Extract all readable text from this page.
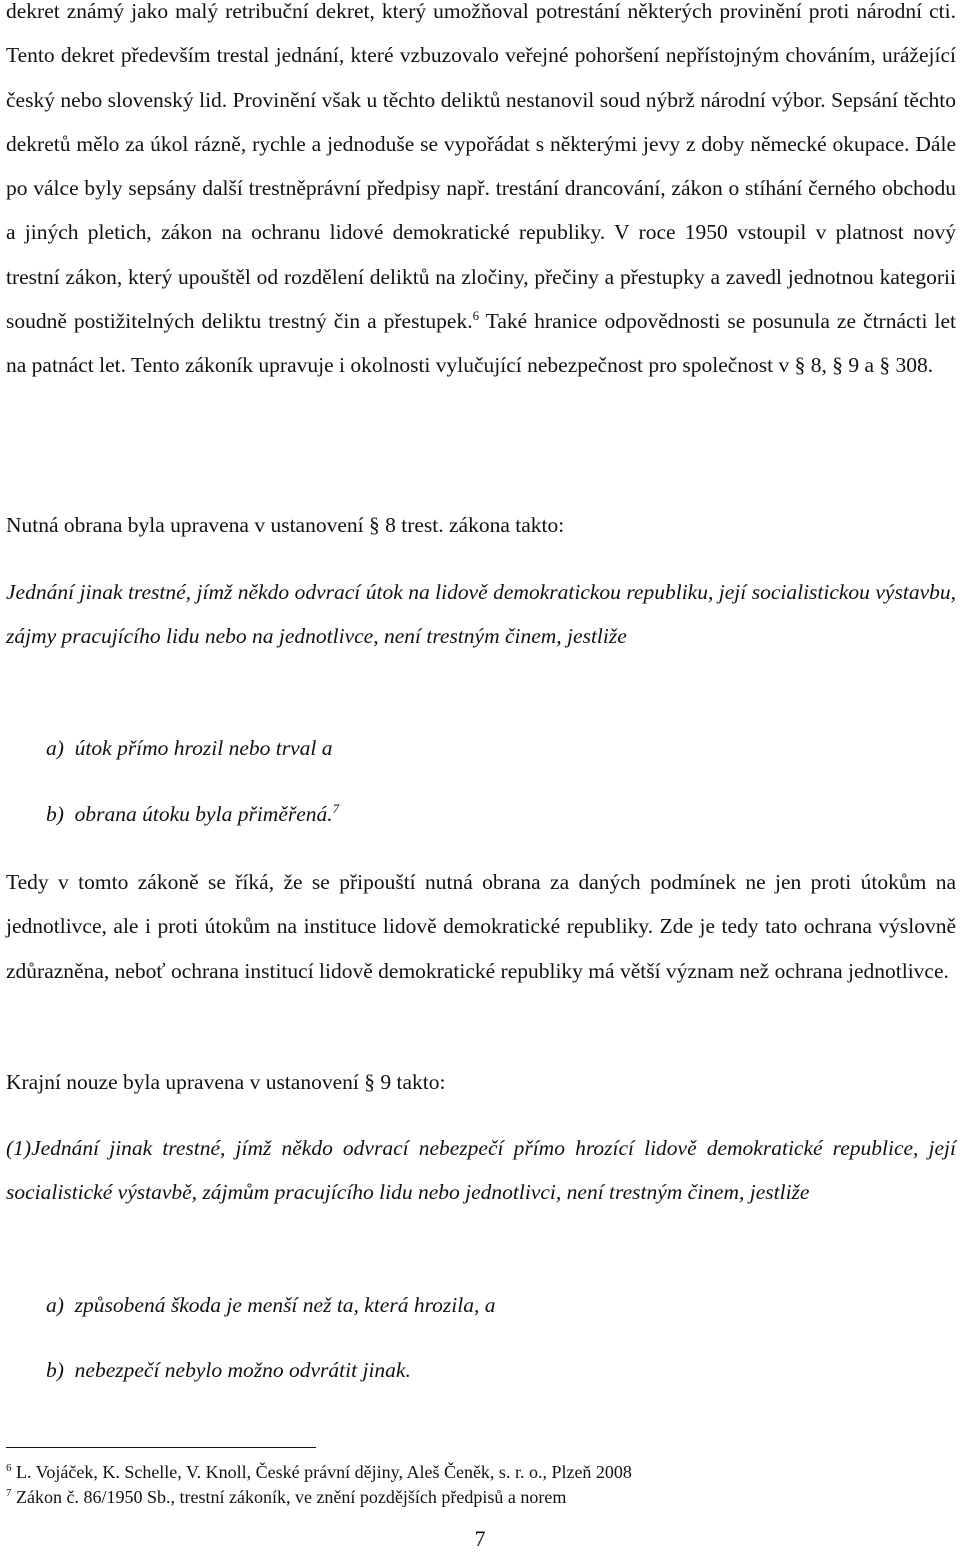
dekret známý jako malý retribuční dekret, který umožňoval potrestání některých provinění proti národní cti. Tento dekret především trestal jednání, které vzbuzovalo veřejné pohoršení nepřístojným chováním, urážející český nebo slovenský lid. Provinění však u těchto deliktů nestanovil soud nýbrž národní výbor. Sepsání těchto dekretů mělo za úkol rázně, rychle a jednoduše se vypořádat s některými jevy z doby německé okupace. Dále po válce byly sepsány další trestněprávní předpisy např. trestání drancování, zákon o stíhání černého obchodu a jiných pletich, zákon na ochranu lidové demokratické republiky. V roce 1950 vstoupil v platnost nový trestní zákon, který upouštěl od rozdělení deliktů na zločiny, přečiny a přestupky a zavedl jednotnou kategorii soudně postižitelných deliktu trestný čin a přestupek.$^6$ Také hranice odpovědnosti se posunula ze čtrnácti let na patnáct let. Tento zákoník upravuje i okolnosti vylučující nebezpečnost pro společnost v § 8, § 9 a § 308.

Nutná obrana byla upravena v ustanovení § 8 trest. zákona takto:

Jednání jinak trestné, jímž někdo odvrací útok na lidově demokratickou republiku, její socialistickou výstavbu, zájmy pracujícího lidu nebo na jednotlivce, není trestným činem, jestliže

a) útok přímo hrozil nebo trval a

b) obrana útoku byla přiměřená.$^7$

Tedy v tomto zákoně se říká, že se připouští nutná obrana za daných podmínek ne jen proti útokům na jednotlivce, ale i proti útokům na instituce lidově demokratické republiky. Zde je tedy tato ochrana výslovně zdůrazněna, neboť ochrana institucí lidově demokratické republiky má větší význam než ochrana jednotlivce.

Krajní nouze byla upravena v ustanovení § 9 takto:

(1)Jednání jinak trestné, jímž někdo odvrací nebezpečí přímo hrozící lidově demokratické republice, její socialistické výstavbě, zájmům pracujícího lidu nebo jednotlivci, není trestným činem, jestliže

a) způsobená škoda je menší než ta, která hrozila, a

b) nebezpečí nebylo možno odvrátit jinak.

$^6$ L. Vojáček, K. Schelle, V. Knoll, České právní dějiny, Aleš Čeněk, s. r. o., Plzeň 2008

$^7$ Zákon č. 86/1950 Sb., trestní zákoník, ve znění pozdějších předpisů a norem

7
